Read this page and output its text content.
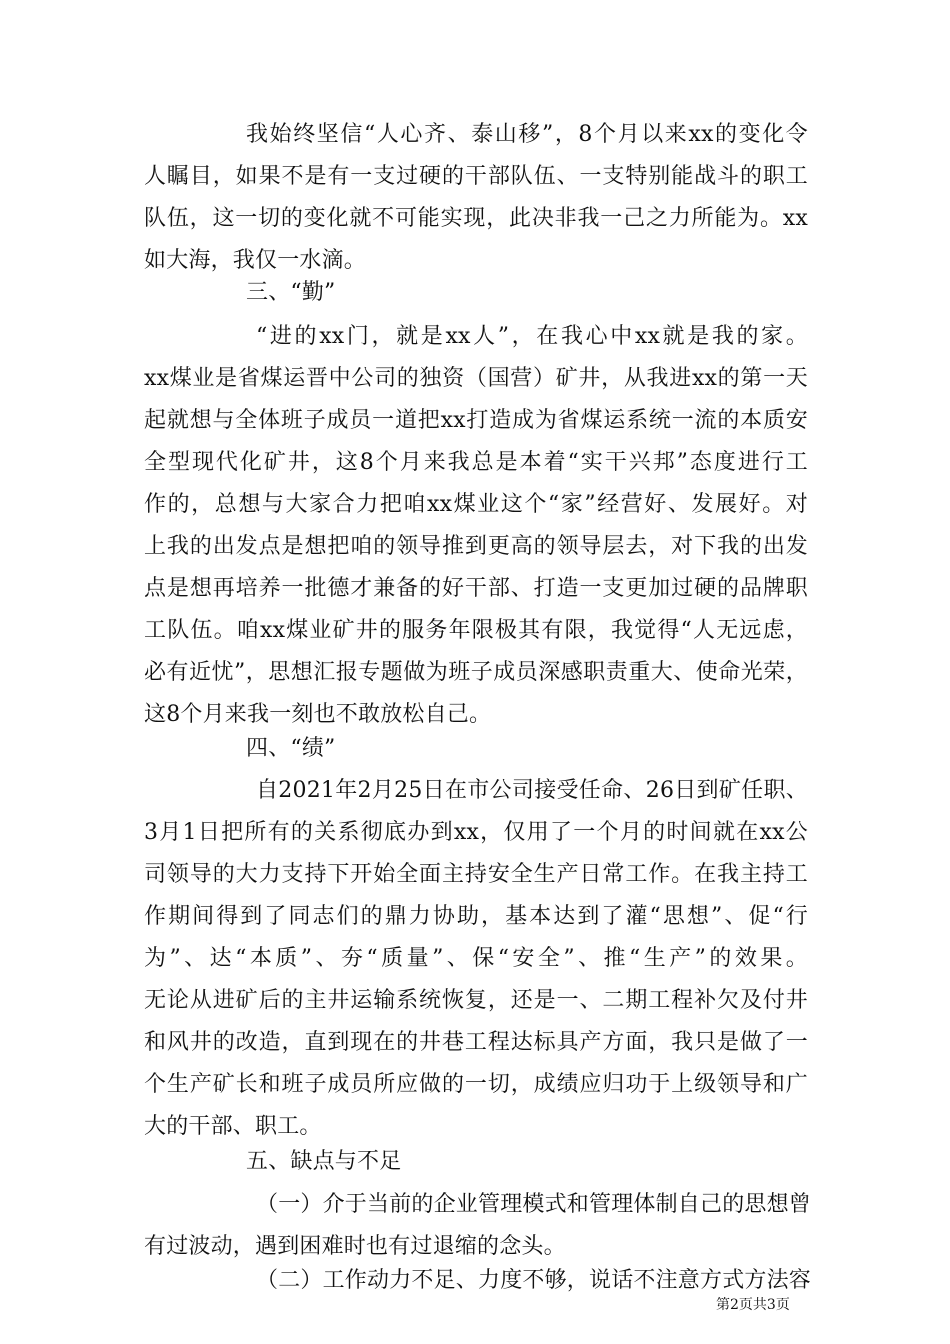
我始终坚信“人心齐、泰山移”，8个月以来xx的变化令
人瞩目，如果不是有一支过硬的干部队伍、一支特别能战斗的职工
队伍，这一切的变化就不可能实现，此决非我一己之力所能为。xx
如大海，我仅一水滴。
三、“勤”
“进的xx门，就是xx人”，在我心中xx就是我的家。
xx煤业是省煤运晋中公司的独资（国营）矿井，从我进xx的第一天
起就想与全体班子成员一道把xx打造成为省煤运系统一流的本质安
全型现代化矿井，这8个月来我总是本着“实干兴邦”态度进行工
作的，总想与大家合力把咱xx煤业这个“家”经营好、发展好。对
上我的出发点是想把咱的领导推到更高的领导层去，对下我的出发
点是想再培养一批德才兼备的好干部、打造一支更加过硬的品牌职
工队伍。咱xx煤业矿井的服务年限极其有限，我觉得“人无远虑，
必有近忧”，思想汇报专题做为班子成员深感职责重大、使命光荣，
这8个月来我一刻也不敢放松自己。
四、“绩”
自2021年2月25日在市公司接受任命、26日到矿任职、
3月1日把所有的关系彻底办到xx，仅用了一个月的时间就在xx公
司领导的大力支持下开始全面主持安全生产日常工作。在我主持工
作期间得到了同志们的鼎力协助，基本达到了灌“思想”、促“行
为”、达“本质”、夯“质量”、保“安全”、推“生产”的效果。
无论从进矿后的主井运输系统恢复，还是一、二期工程补欠及付井
和风井的改造，直到现在的井巷工程达标具产方面，我只是做了一
个生产矿长和班子成员所应做的一切，成绩应归功于上级领导和广
大的干部、职工。
五、缺点与不足
（一）介于当前的企业管理模式和管理体制自己的思想曾
有过波动，遇到困难时也有过退缩的念头。
（二）工作动力不足、力度不够，说话不注意方式方法容
第2页共3页
